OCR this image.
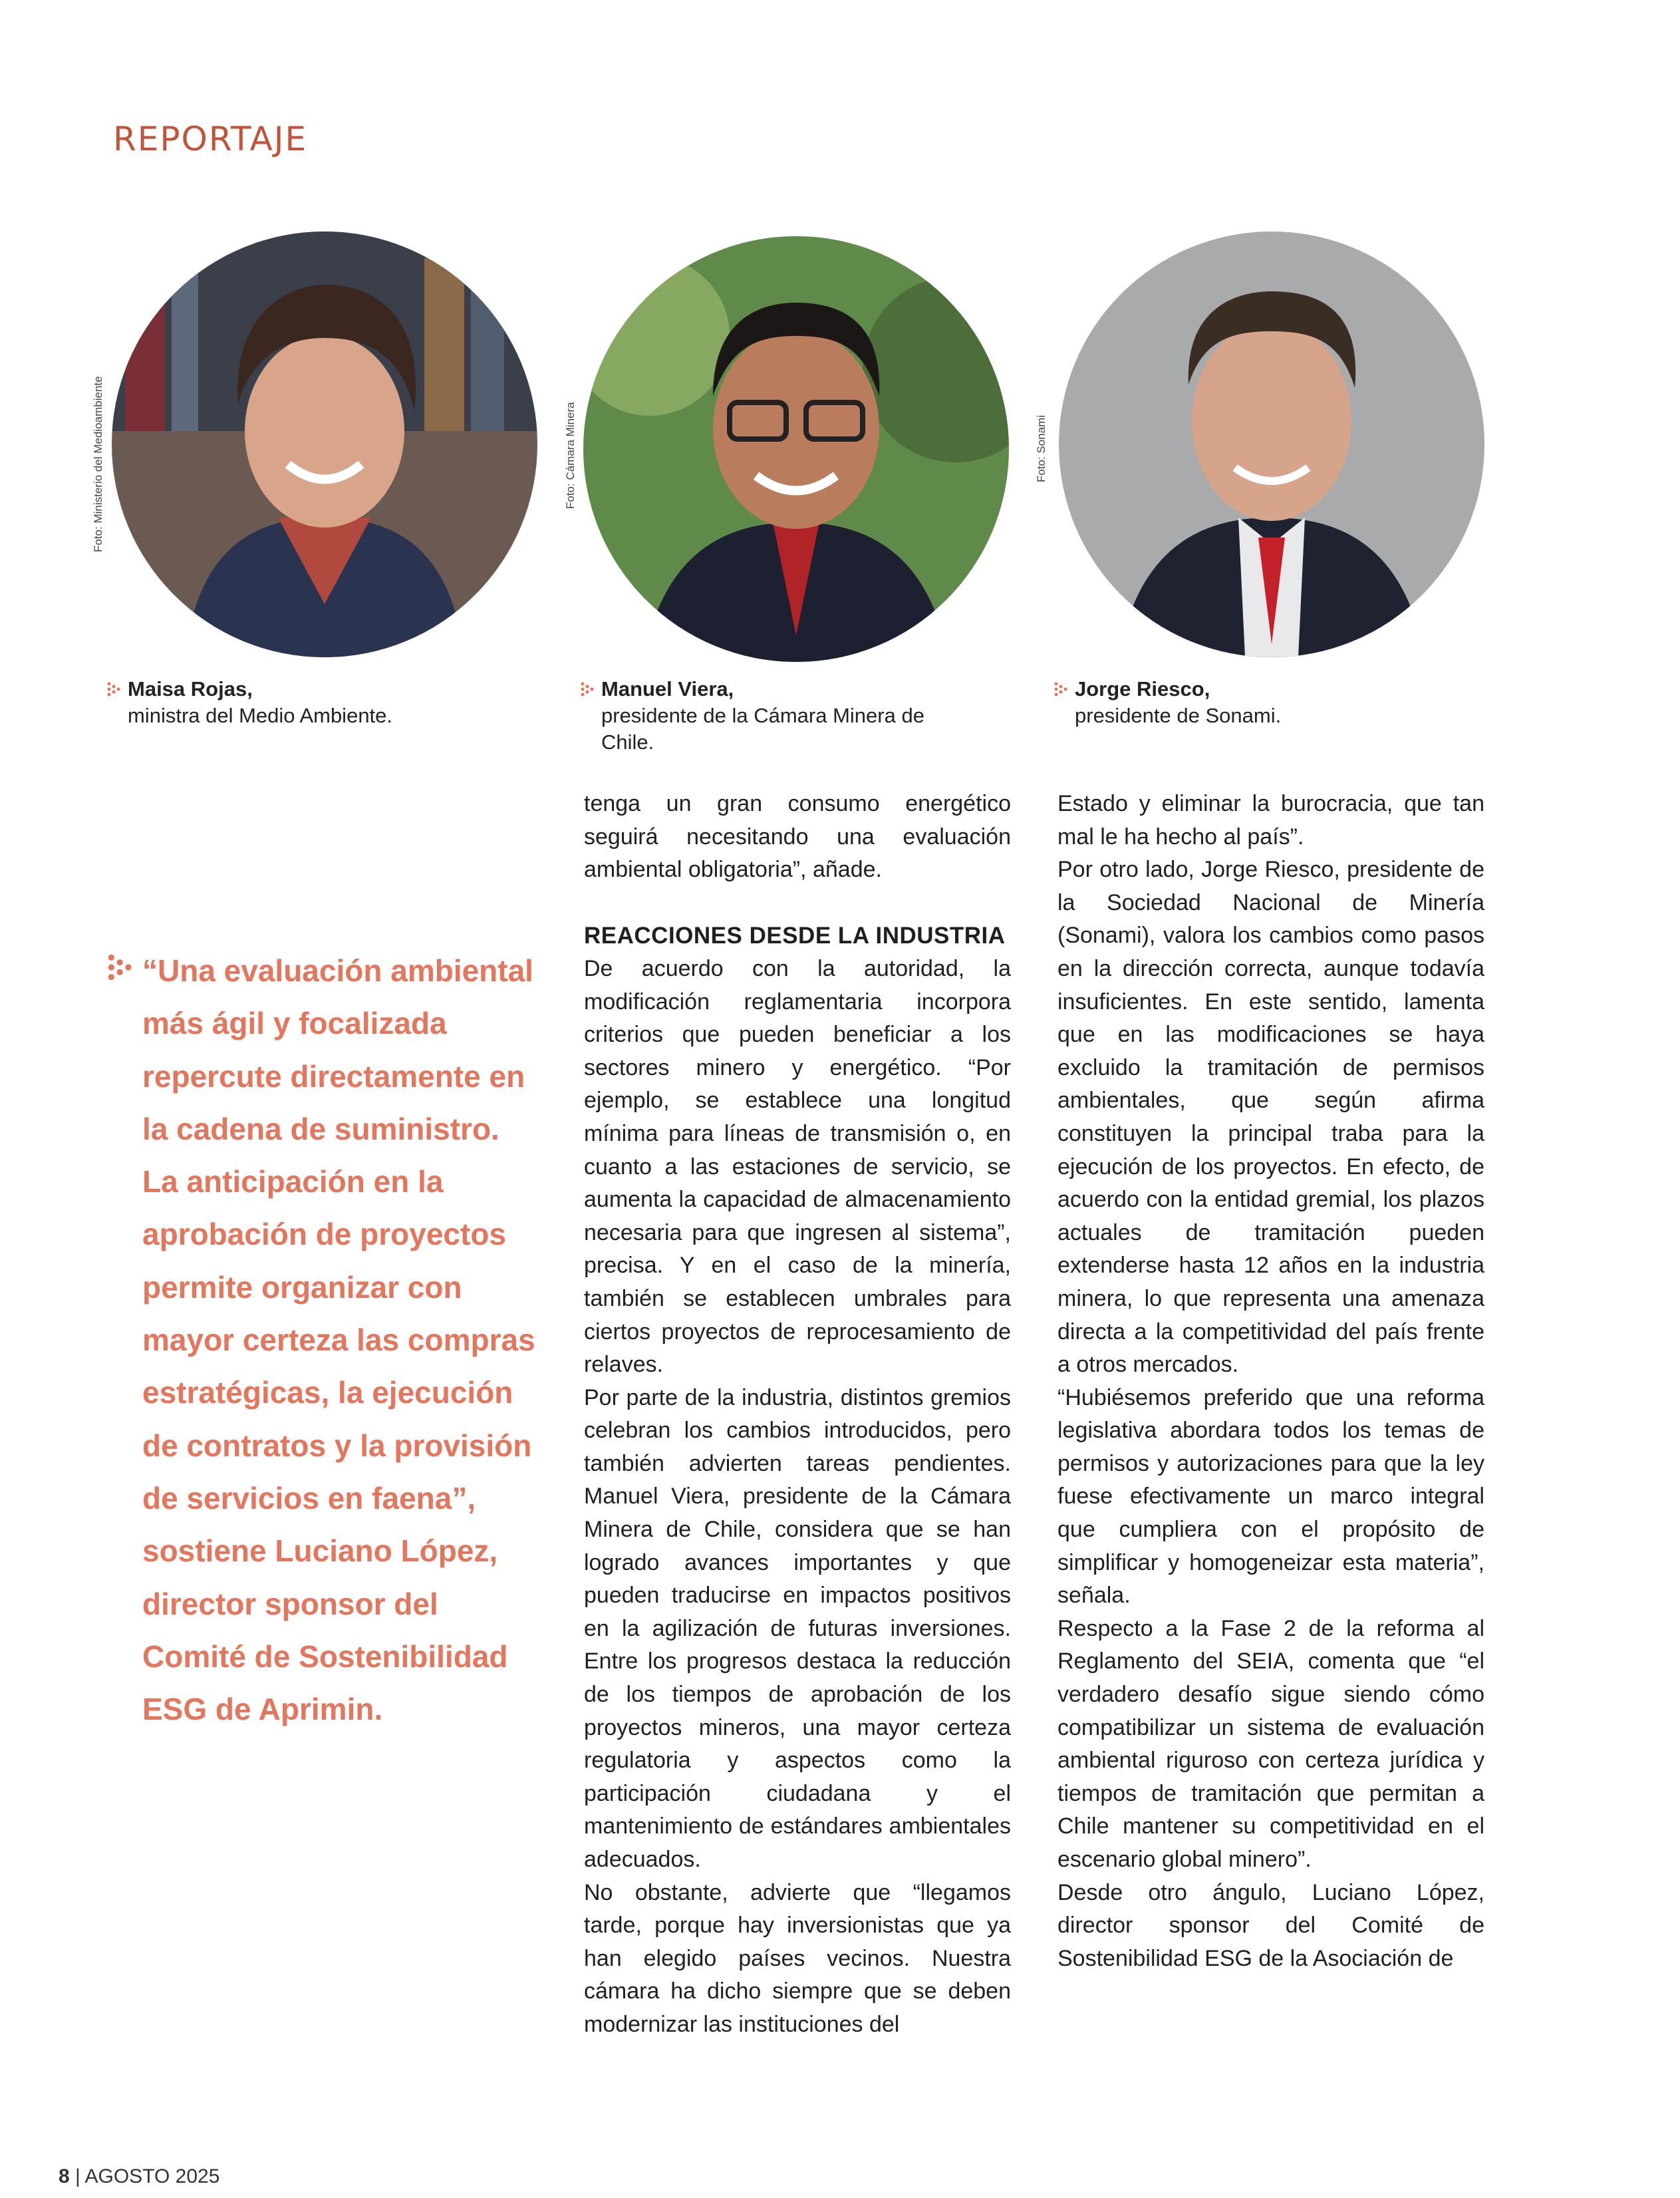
REPORTAJE
Foto: Ministerio del Medioambiente	Foto: Cámara Minera	Foto: Sonami
Maisa Rojas,
ministra del Medio Ambiente.
Manuel Viera,
presidente de la Cámara Minera de Chile.
Jorge Riesco,
presidente de Sonami.
“Una evaluación ambiental más ágil y focalizada repercute directamente en la cadena de suministro. La anticipación en la aprobación de proyectos permite organizar con mayor certeza las compras estratégicas, la ejecución de contratos y la provisión de servicios en faena”, sostiene Luciano López, director sponsor del Comité de Sostenibilidad ESG de Aprimin.

tenga un gran consumo energético seguirá necesitando una evaluación ambiental obligatoria”, añade.

REACCIONES DESDE LA INDUSTRIA

De acuerdo con la autoridad, la modificación reglamentaria incorpora criterios que pueden beneficiar a los sectores minero y energético. “Por ejemplo, se establece una longitud mínima para líneas de transmisión o, en cuanto a las estaciones de servicio, se aumenta la capacidad de almacenamiento necesaria para que ingresen al sistema”, precisa. Y en el caso de la minería, también se establecen umbrales para ciertos proyectos de reprocesamiento de relaves.

Por parte de la industria, distintos gremios celebran los cambios introducidos, pero también advierten tareas pendientes. Manuel Viera, presidente de la Cámara Minera de Chile, considera que se han logrado avances importantes y que pueden traducirse en impactos positivos en la agilización de futuras inversiones. Entre los progresos destaca la reducción de los tiempos de aprobación de los proyectos mineros, una mayor certeza regulatoria y aspectos como la participación ciudadana y el mantenimiento de estándares ambientales adecuados.

No obstante, advierte que “llegamos tarde, porque hay inversionistas que ya han elegido países vecinos. Nuestra cámara ha dicho siempre que se deben modernizar las instituciones del

Estado y eliminar la burocracia, que tan mal le ha hecho al país”.

Por otro lado, Jorge Riesco, presidente de la Sociedad Nacional de Minería (Sonami), valora los cambios como pasos en la dirección correcta, aunque todavía insuficientes. En este sentido, lamenta que en las modificaciones se haya excluido la tramitación de permisos ambientales, que según afirma constituyen la principal traba para la ejecución de los proyectos. En efecto, de acuerdo con la entidad gremial, los plazos actuales de tramitación pueden extenderse hasta 12 años en la industria minera, lo que representa una amenaza directa a la competitividad del país frente a otros mercados.

“Hubiésemos preferido que una reforma legislativa abordara todos los temas de permisos y autorizaciones para que la ley fuese efectivamente un marco integral que cumpliera con el propósito de simplificar y homogeneizar esta materia”, señala.

Respecto a la Fase 2 de la reforma al Reglamento del SEIA, comenta que “el verdadero desafío sigue siendo cómo compatibilizar un sistema de evaluación ambiental riguroso con certeza jurídica y tiempos de tramitación que permitan a Chile mantener su competitividad en el escenario global minero”.

Desde otro ángulo, Luciano López, director sponsor del Comité de Sostenibilidad ESG de la Asociación de

8 | AGOSTO 2025
